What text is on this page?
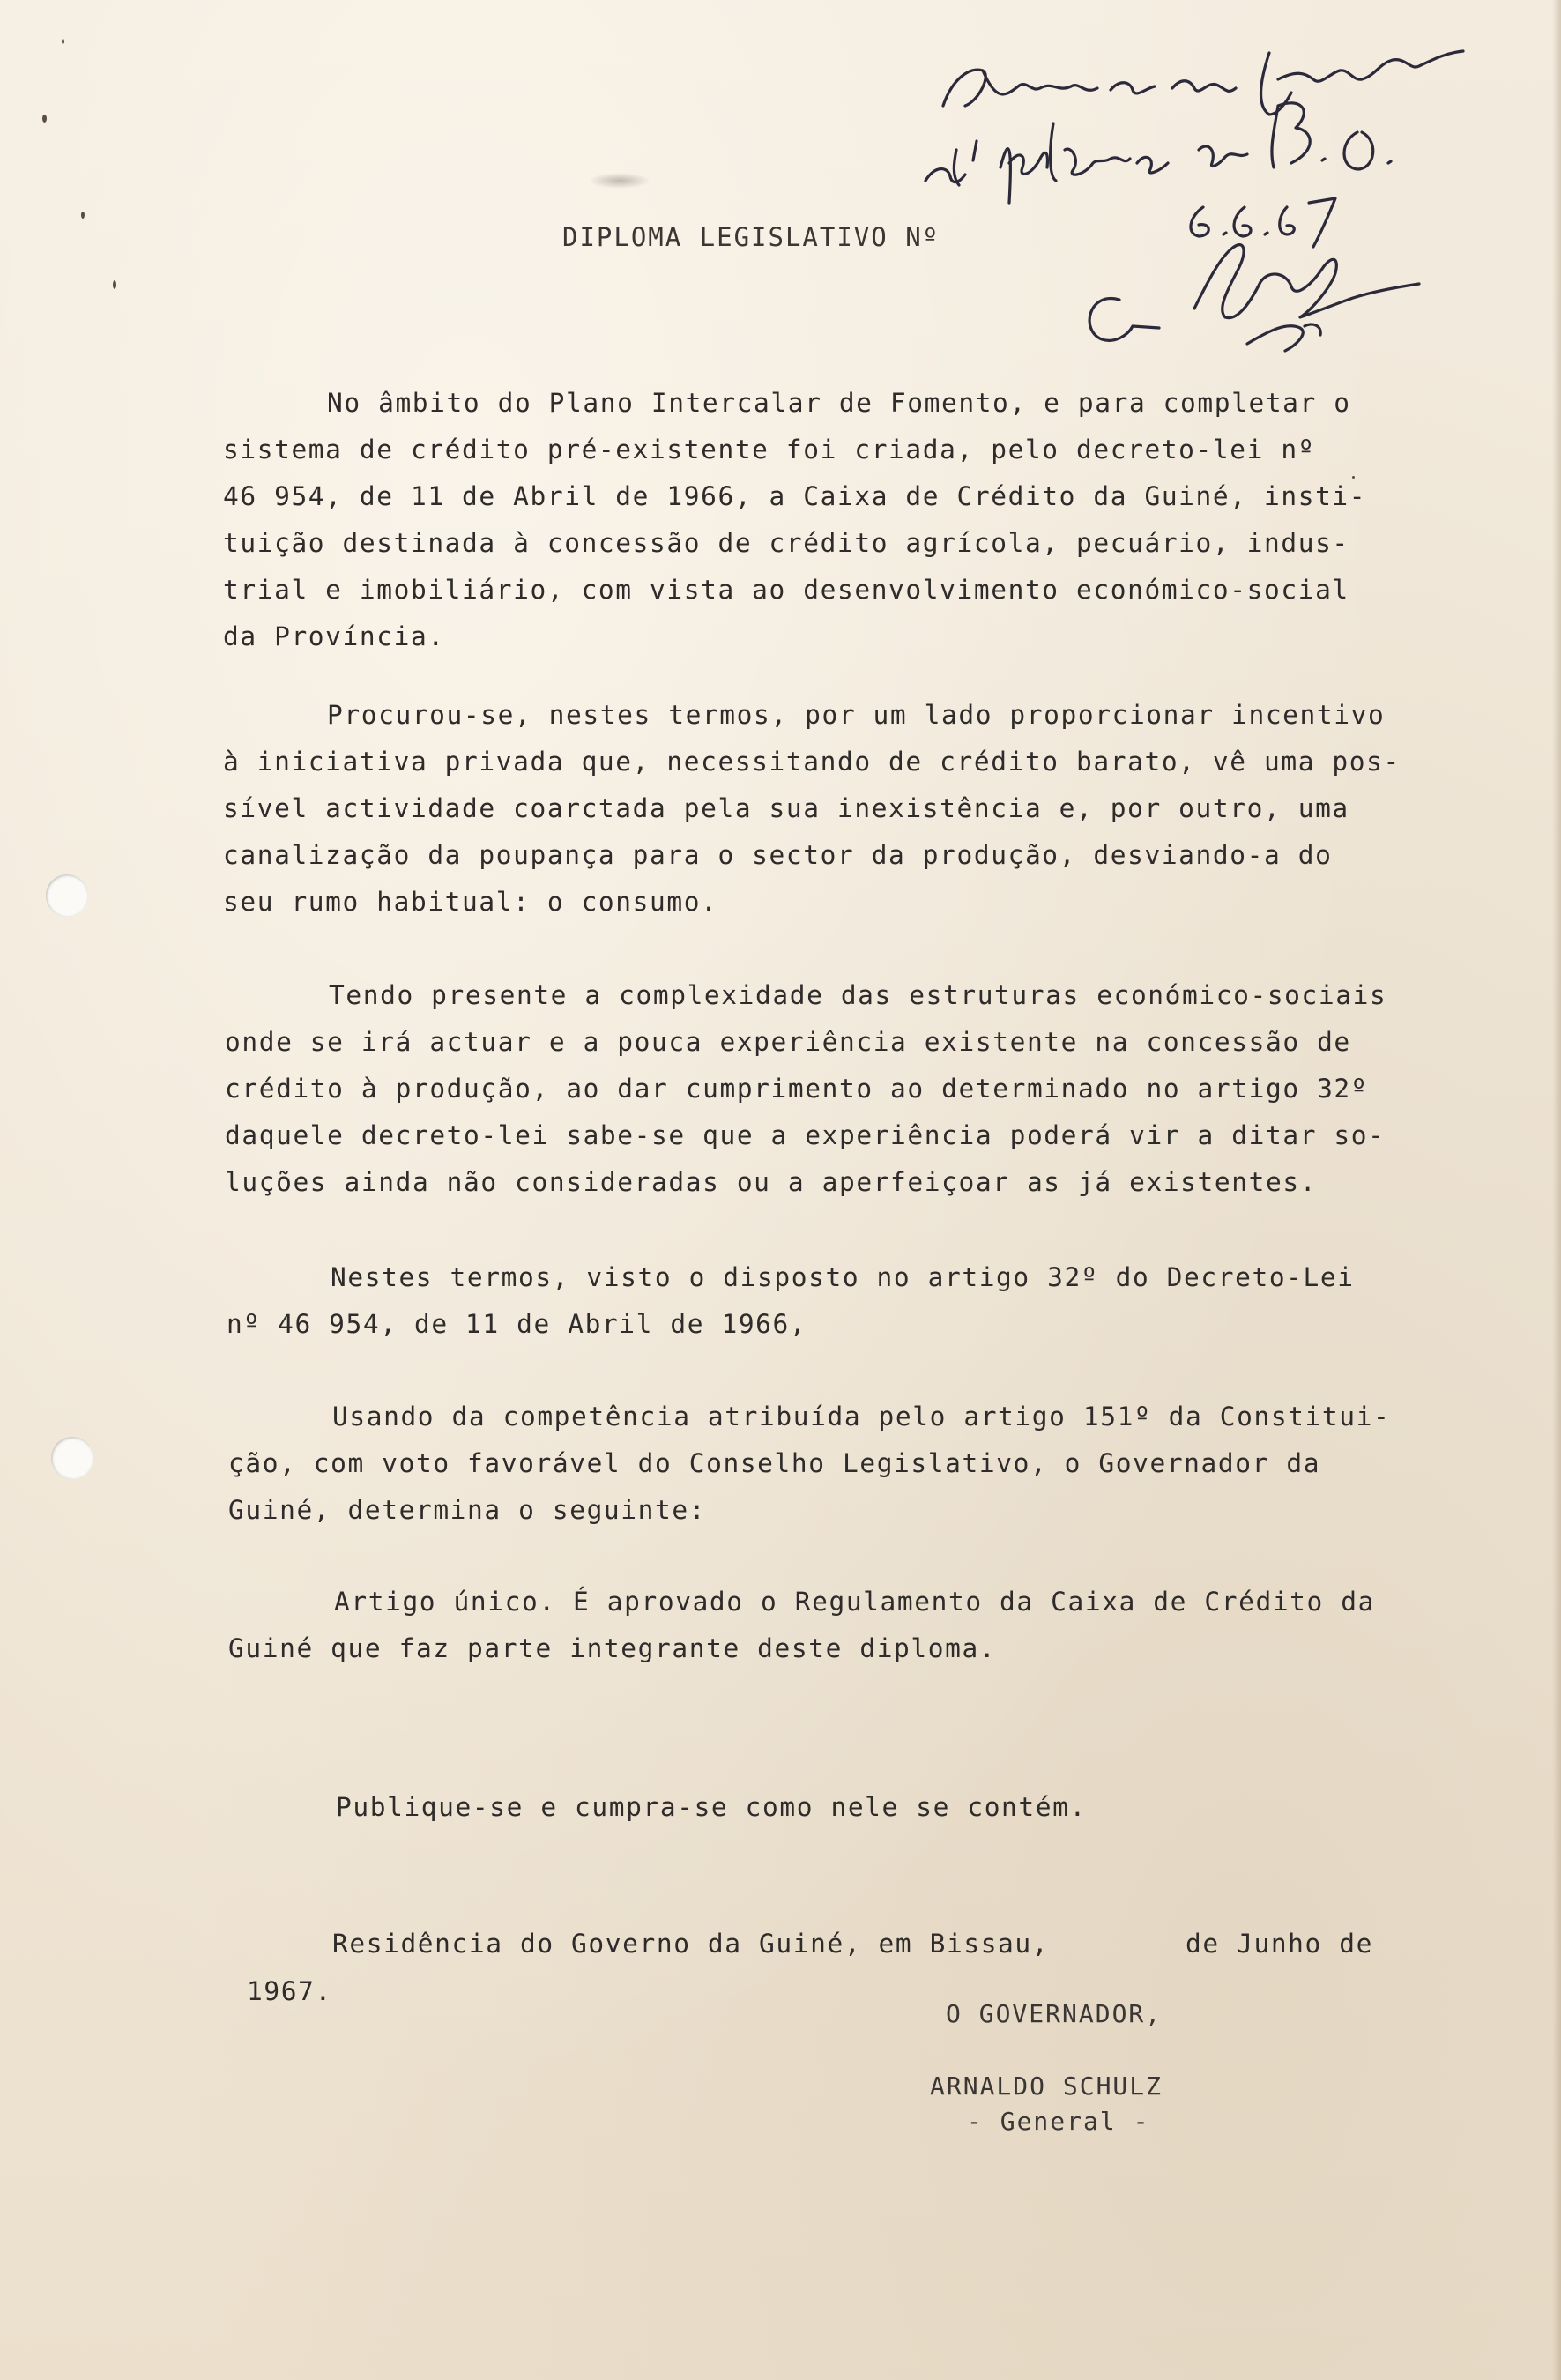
DIPLOMA LEGISLATIVO Nº
No âmbito do Plano Intercalar de Fomento, e para completar o
sistema de crédito pré-existente foi criada, pelo decreto-lei nº
46 954, de 11 de Abril de 1966, a Caixa de Crédito da Guiné, insti-
tuição destinada à concessão de crédito agrícola, pecuário, indus-
trial e imobiliário, com vista ao desenvolvimento económico-social
da Província.
Procurou-se, nestes termos, por um lado proporcionar incentivo
à iniciativa privada que, necessitando de crédito barato, vê uma pos-
sível actividade coarctada pela sua inexistência e, por outro, uma
canalização da poupança para o sector da produção, desviando-a do
seu rumo habitual: o consumo.
Tendo presente a complexidade das estruturas económico-sociais
onde se irá actuar e a pouca experiência existente na concessão de
crédito à produção, ao dar cumprimento ao determinado no artigo 32º
daquele decreto-lei sabe-se que a experiência poderá vir a ditar so-
luções ainda não consideradas ou a aperfeiçoar as já existentes.
Nestes termos, visto o disposto no artigo 32º do Decreto-Lei
nº 46 954, de 11 de Abril de 1966,
Usando da competência atribuída pelo artigo 151º da Constitui-
ção, com voto favorável do Conselho Legislativo, o Governador da
Guiné, determina o seguinte:
Artigo único. É aprovado o Regulamento da Caixa de Crédito da
Guiné que faz parte integrante deste diploma.
Publique-se e cumpra-se como nele se contém.
Residência do Governo da Guiné, em Bissau,        de Junho de
1967.
O GOVERNADOR,
ARNALDO SCHULZ
- General -
